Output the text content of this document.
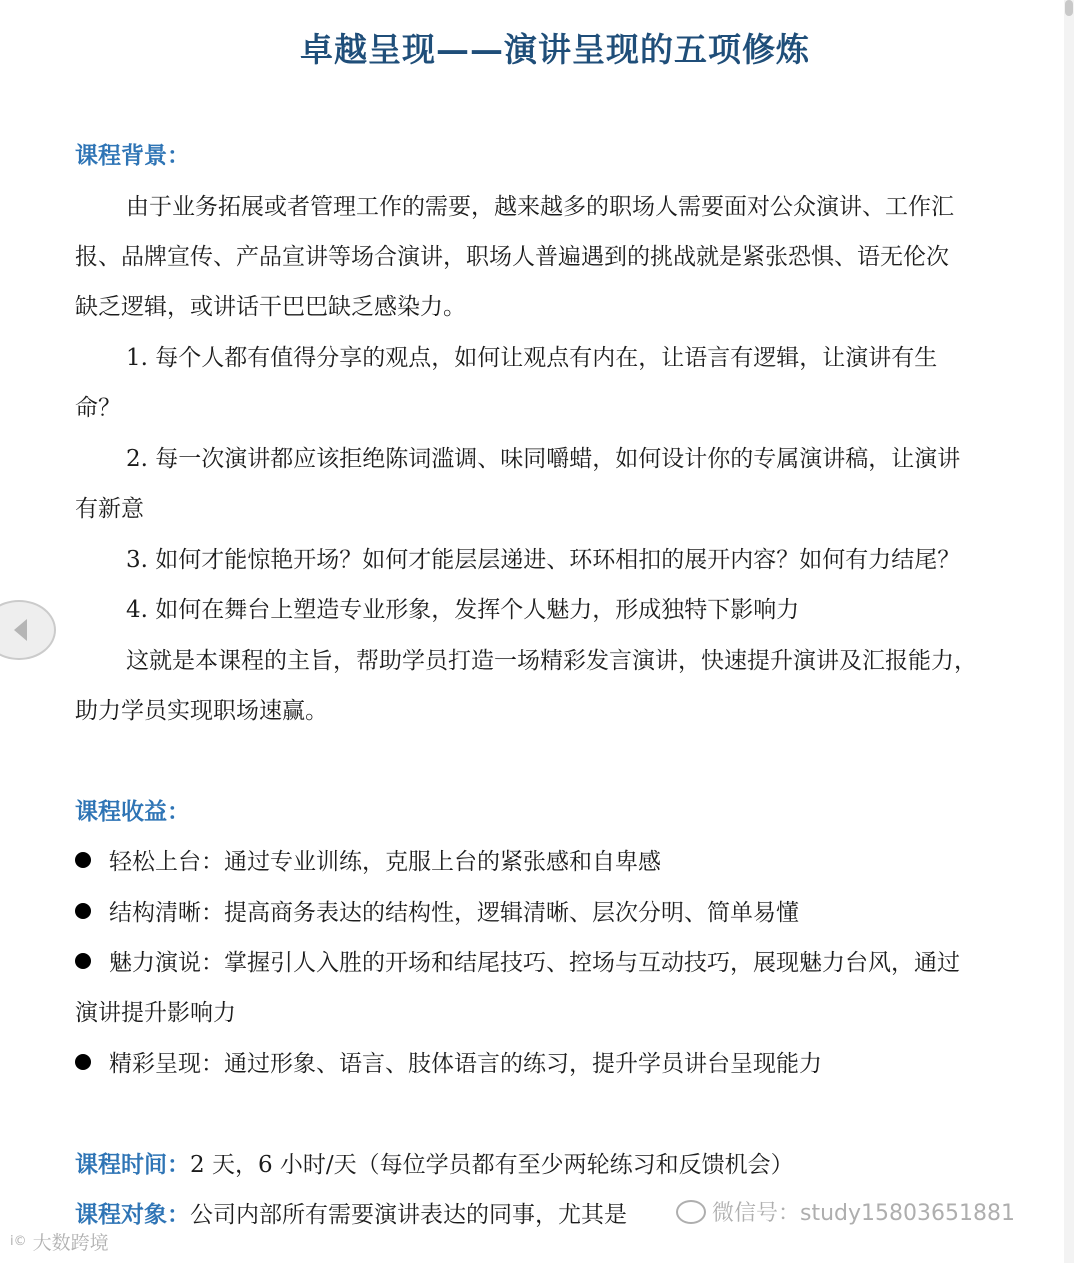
卓越呈现——演讲呈现的五项修炼
课程背景：
由于业务拓展或者管理工作的需要，越来越多的职场人需要面对公众演讲、工作汇
报、品牌宣传、产品宣讲等场合演讲，职场人普遍遇到的挑战就是紧张恐惧、语无伦次
缺乏逻辑，或讲话干巴巴缺乏感染力。
1. 每个人都有值得分享的观点，如何让观点有内在，让语言有逻辑，让演讲有生
命？
2. 每一次演讲都应该拒绝陈词滥调、味同嚼蜡，如何设计你的专属演讲稿，让演讲
有新意
3. 如何才能惊艳开场？如何才能层层递进、环环相扣的展开内容？如何有力结尾？
4. 如何在舞台上塑造专业形象，发挥个人魅力，形成独特下影响力
这就是本课程的主旨，帮助学员打造一场精彩发言演讲，快速提升演讲及汇报能力，
助力学员实现职场速赢。
课程收益：
轻松上台：通过专业训练，克服上台的紧张感和自卑感
结构清晰：提高商务表达的结构性，逻辑清晰、层次分明、简单易懂
魅力演说：掌握引人入胜的开场和结尾技巧、控场与互动技巧，展现魅力台风，通过
演讲提升影响力
精彩呈现：通过形象、语言、肢体语言的练习，提升学员讲台呈现能力
课程时间：2 天，6 小时/天（每位学员都有至少两轮练习和反馈机会）
课程对象：公司内部所有需要演讲表达的同事，尤其是
$^{i©}$ 大数跨境
微信号：study15803651881
